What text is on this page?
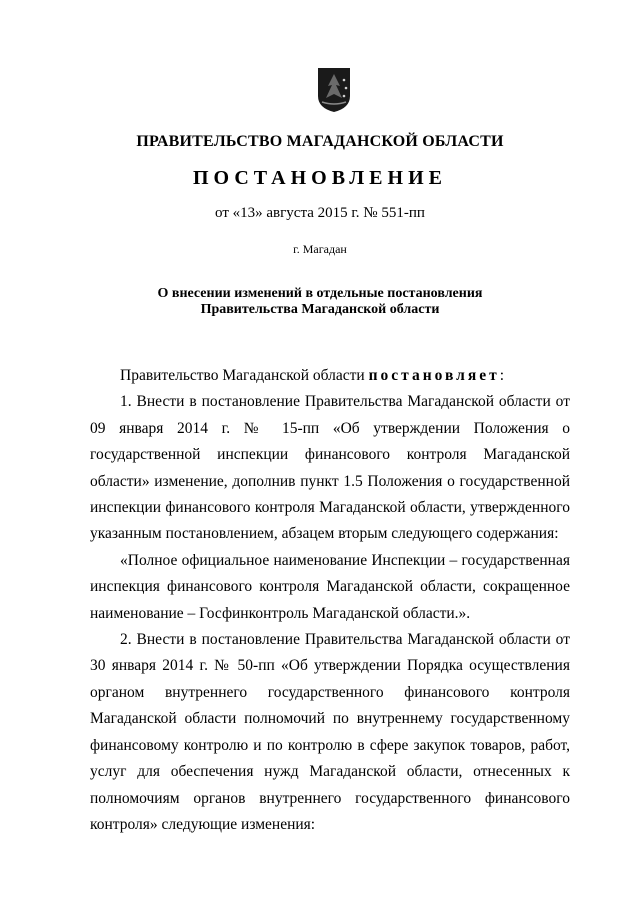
ПРАВИТЕЛЬСТВО МАГАДАНСКОЙ ОБЛАСТИ
ПОСТАНОВЛЕНИЕ
от «13» августа 2015 г. № 551-пп
г. Магадан
О внесении изменений в отдельные постановления
Правительства Магаданской области

Правительство Магаданской области постановляет:

1. Внести в постановление Правительства Магаданской области от 09 января 2014 г. № 15-пп «Об утверждении Положения о государственной инспекции финансового контроля Магаданской области» изменение, дополнив пункт 1.5 Положения о государственной инспекции финансового контроля Магаданской области, утвержденного указанным постановлением, абзацем вторым следующего содержания:

«Полное официальное наименование Инспекции – государственная инспекция финансового контроля Магаданской области, сокращенное наименование – Госфинконтроль Магаданской области.».

2. Внести в постановление Правительства Магаданской области от 30 января 2014 г. № 50-пп «Об утверждении Порядка осуществления органом внутреннего государственного финансового контроля Магаданской области полномочий по внутреннему государственному финансовому контролю и по контролю в сфере закупок товаров, работ, услуг для обеспечения нужд Магаданской области, отнесенных к полномочиям органов внутреннего государственного финансового контроля» следующие изменения:
